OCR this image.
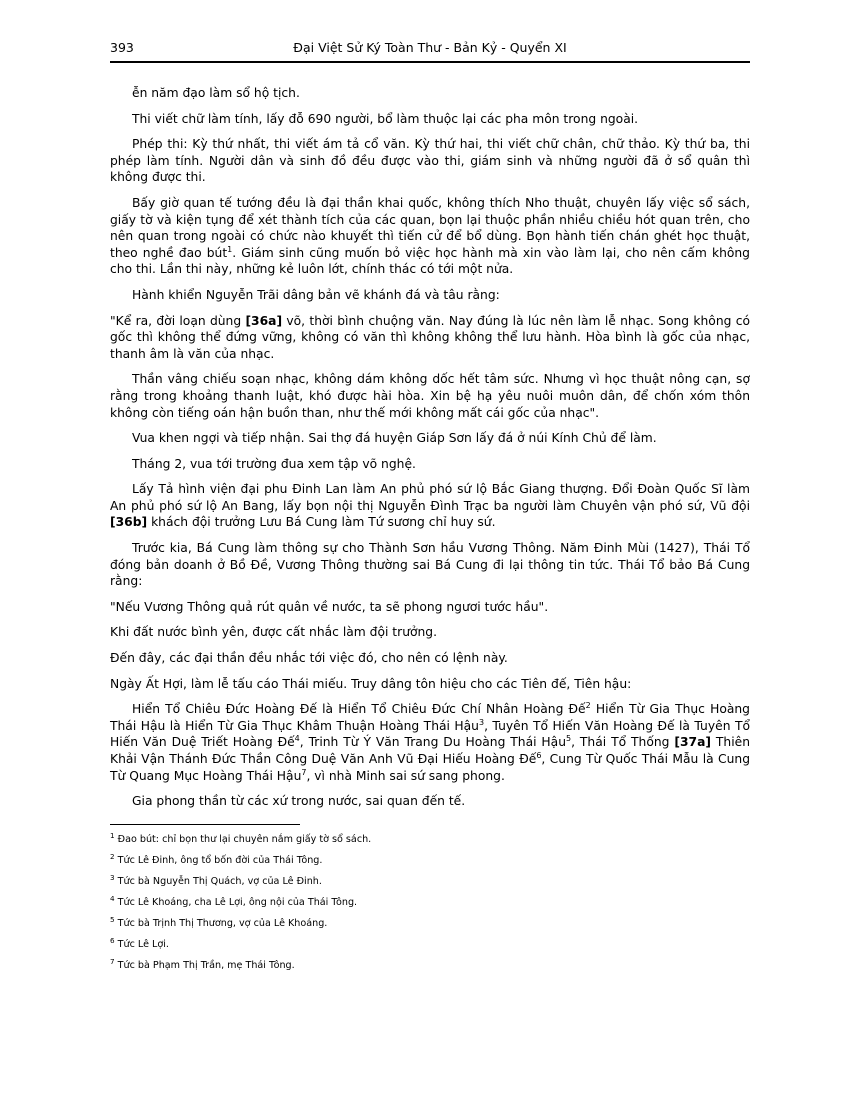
393	Đại Việt Sử Ký Toàn Thư - Bản Kỷ - Quyển XI

ễn năm đạo làm sổ hộ tịch.

Thi viết chữ làm tính, lấy đỗ 690 người, bổ làm thuộc lại các pha môn trong ngoài.

Phép thi: Kỳ thứ nhất, thi viết ám tả cổ văn. Kỳ thứ hai, thi viết chữ chân, chữ thảo. Kỳ thứ ba, thi phép làm tính. Người dân và sinh đồ đều được vào thi, giám sinh và những người đã ở sổ quân thì không được thi.

Bấy giờ quan tế tướng đều là đại thần khai quốc, không thích Nho thuật, chuyên lấy việc sổ sách, giấy tờ và kiện tụng để xét thành tích của các quan, bọn lại thuộc phần nhiều chiều hót quan trên, cho nên quan trong ngoài có chức nào khuyết thì tiến cử để bổ dùng. Bọn hành tiến chán ghét học thuật, theo nghề đao bút$^1$. Giám sinh cũng muốn bỏ việc học hành mà xin vào làm lại, cho nên cấm không cho thi. Lần thi này, những kẻ luôn lớt, chính thác có tới một nửa.

Hành khiển Nguyễn Trãi dâng bản vẽ khánh đá và tâu rằng:

"Kể ra, đời loạn dùng [36a] võ, thời bình chuộng văn. Nay đúng là lúc nên làm lễ nhạc. Song không có gốc thì không thể đứng vững, không có văn thì không không thể lưu hành. Hòa bình là gốc của nhạc, thanh âm là văn của nhạc.

Thần vâng chiếu soạn nhạc, không dám không dốc hết tâm sức. Nhưng vì học thuật nông cạn, sợ rằng trong khoảng thanh luật, khó được hài hòa. Xin bệ hạ yêu nuôi muôn dân, để chốn xóm thôn không còn tiếng oán hận buồn than, như thế mới không mất cái gốc của nhạc".

Vua khen ngợi và tiếp nhận. Sai thợ đá huyện Giáp Sơn lấy đá ở núi Kính Chủ để làm.

Tháng 2, vua tới trường đua xem tập võ nghệ.

Lấy Tả hình viện đại phu Đinh Lan làm An phủ phó sứ lộ Bắc Giang thượng. Đổi Đoàn Quốc Sĩ làm An phủ phó sứ lộ An Bang, lấy bọn nội thị Nguyễn Đình Trạc ba người làm Chuyên vận phó sứ, Vũ đội [36b] khách đội trưởng Lưu Bá Cung làm Tứ sương chỉ huy sứ.

Trước kia, Bá Cung làm thông sự cho Thành Sơn hầu Vương Thông. Năm Đinh Mùi (1427), Thái Tổ đóng bản doanh ở Bồ Đề, Vương Thông thường sai Bá Cung đi lại thông tin tức. Thái Tổ bảo Bá Cung rằng:

"Nếu Vương Thông quả rút quân về nước, ta sẽ phong ngươi tước hầu".

Khi đất nước bình yên, được cất nhắc làm đội trưởng.

Đến đây, các đại thần đều nhắc tới việc đó, cho nên có lệnh này.

Ngày Ất Hợi, làm lễ tấu cáo Thái miếu. Truy dâng tôn hiệu cho các Tiên đế, Tiên hậu:

Hiển Tổ Chiêu Đức Hoàng Đế là Hiển Tổ Chiêu Đức Chí Nhân Hoàng Đế$^2$ Hiển Từ Gia Thục Hoàng Thái Hậu là Hiển Từ Gia Thục Khâm Thuận Hoàng Thái Hậu$^3$, Tuyên Tổ Hiến Văn Hoàng Đế là Tuyên Tổ Hiến Văn Duệ Triết Hoàng Đế$^4$, Trinh Từ Ý Văn Trang Du Hoàng Thái Hậu$^5$, Thái Tổ Thống [37a] Thiên Khải Vận Thánh Đức Thần Công Duệ Văn Anh Vũ Đại Hiếu Hoàng Đế$^6$, Cung Từ Quốc Thái Mẫu là Cung Từ Quang Mục Hoàng Thái Hậu$^7$, vì nhà Minh sai sứ sang phong.

Gia phong thần từ các xứ trong nước, sai quan đến tế.

$^1$ Đao bút: chỉ bọn thư lại chuyên nắm giấy tờ sổ sách.
$^2$ Tức Lê Đinh, ông tổ bốn đời của Thái Tông.
$^3$ Tức bà Nguyễn Thị Quách, vợ của Lê Đinh.
$^4$ Tức Lê Khoáng, cha Lê Lợi, ông nội của Thái Tông.
$^5$ Tức bà Trịnh Thị Thương, vợ của Lê Khoáng.
$^6$ Tức Lê Lợi.
$^7$ Tức bà Phạm Thị Trần, mẹ Thái Tông.
